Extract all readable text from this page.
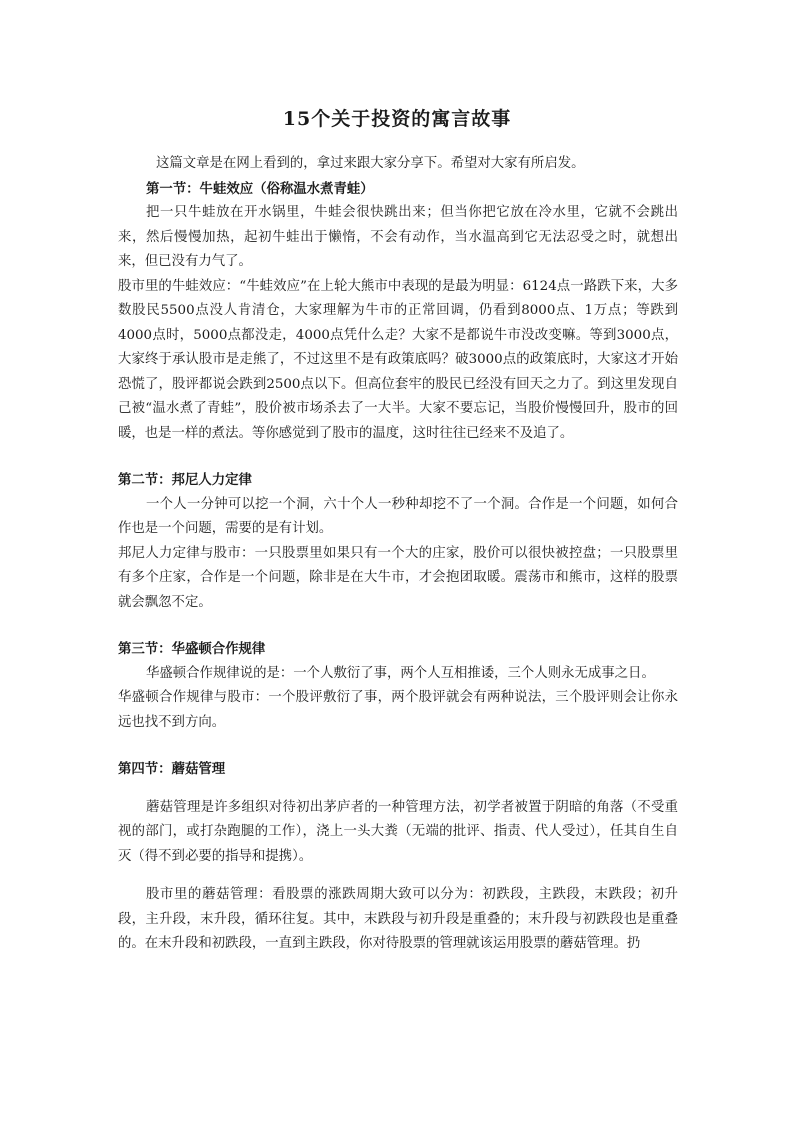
15个关于投资的寓言故事

这篇文章是在网上看到的，拿过来跟大家分享下。希望对大家有所启发。

第一节：牛蛙效应（俗称温水煮青蛙）

把一只牛蛙放在开水锅里，牛蛙会很快跳出来；但当你把它放在冷水里，它就不会跳出来，然后慢慢加热，起初牛蛙出于懒惰，不会有动作，当水温高到它无法忍受之时，就想出来，但已没有力气了。

股市里的牛蛙效应：“牛蛙效应”在上轮大熊市中表现的是最为明显：6124点一路跌下来，大多数股民5500点没人肯清仓，大家理解为牛市的正常回调，仍看到8000点、1万点；等跌到4000点时，5000点都没走，4000点凭什么走？大家不是都说牛市没改变嘛。等到3000点，大家终于承认股市是走熊了，不过这里不是有政策底吗？破3000点的政策底时，大家这才开始恐慌了，股评都说会跌到2500点以下。但高位套牢的股民已经没有回天之力了。到这里发现自己被“温水煮了青蛙”，股价被市场杀去了一大半。大家不要忘记，当股价慢慢回升，股市的回暖，也是一样的煮法。等你感觉到了股市的温度，这时往往已经来不及追了。

第二节：邦尼人力定律

一个人一分钟可以挖一个洞，六十个人一秒种却挖不了一个洞。合作是一个问题，如何合作也是一个问题，需要的是有计划。

邦尼人力定律与股市：一只股票里如果只有一个大的庄家，股价可以很快被控盘；一只股票里有多个庄家，合作是一个问题，除非是在大牛市，才会抱团取暖。震荡市和熊市，这样的股票就会飘忽不定。

第三节：华盛顿合作规律

华盛顿合作规律说的是：一个人敷衍了事，两个人互相推诿，三个人则永无成事之日。

华盛顿合作规律与股市：一个股评敷衍了事，两个股评就会有两种说法，三个股评则会让你永远也找不到方向。

第四节：蘑菇管理

蘑菇管理是许多组织对待初出茅庐者的一种管理方法，初学者被置于阴暗的角落（不受重视的部门，或打杂跑腿的工作），浇上一头大粪（无端的批评、指责、代人受过），任其自生自灭（得不到必要的指导和提携）。

股市里的蘑菇管理：看股票的涨跌周期大致可以分为：初跌段，主跌段，末跌段；初升段，主升段，末升段，循环往复。其中，末跌段与初升段是重叠的；末升段与初跌段也是重叠的。在末升段和初跌段，一直到主跌段，你对待股票的管理就该运用股票的蘑菇管理。扔
